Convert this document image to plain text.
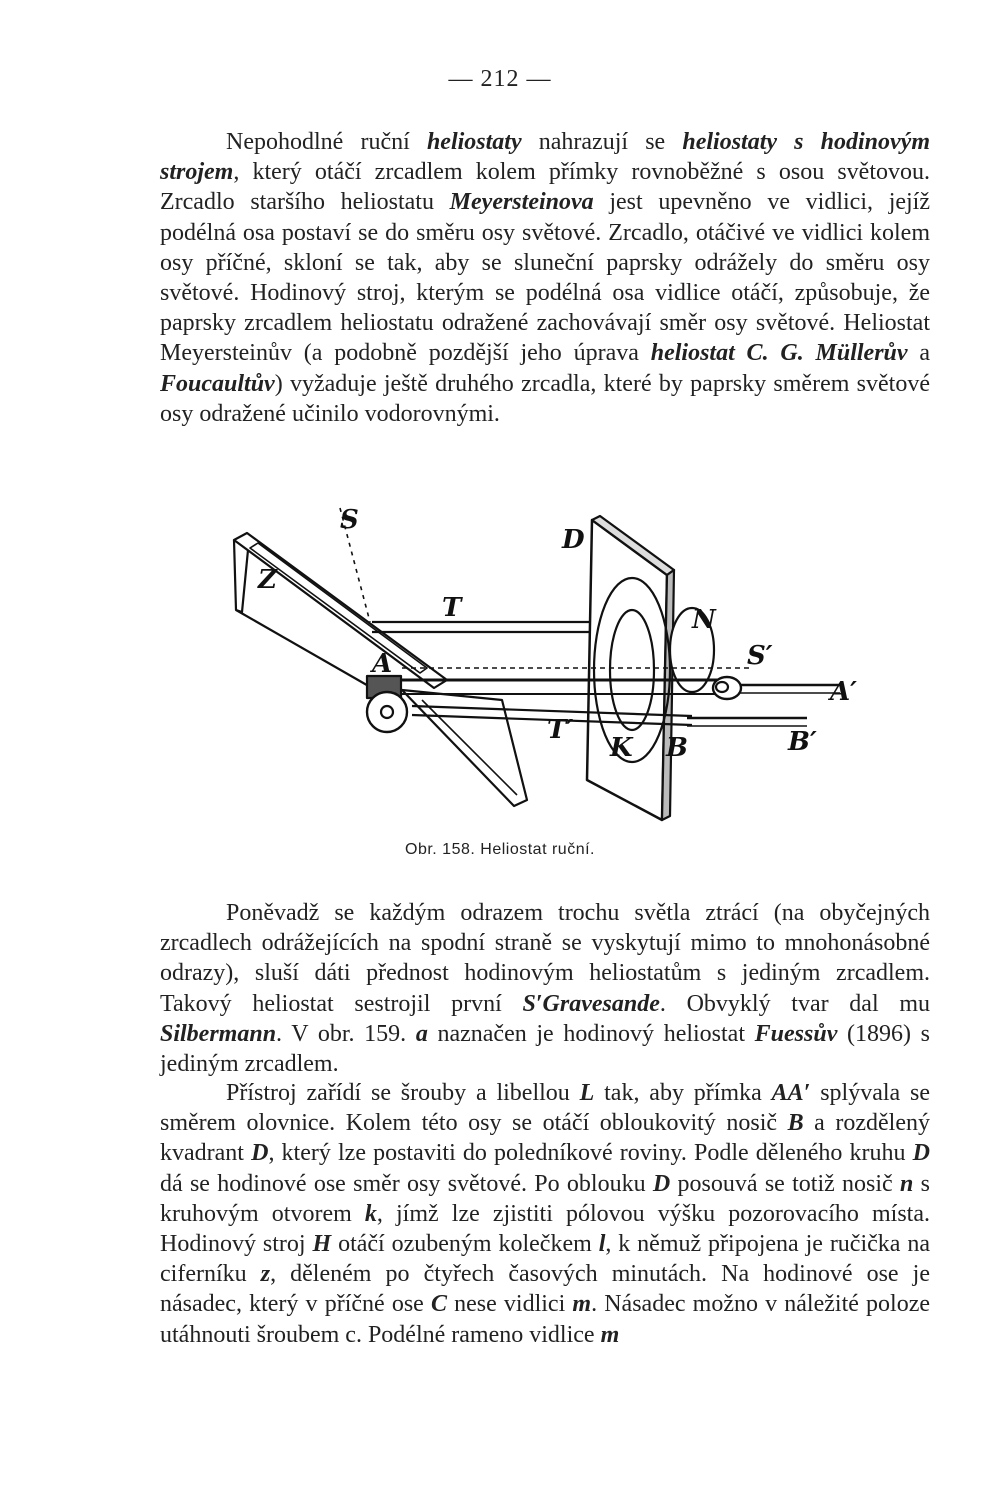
— 212 —

Nepohodlné ruční heliostaty nahrazují se heliostaty s hodinovým strojem, který otáčí zrcadlem kolem přímky rovnoběžné s osou světovou. Zrcadlo staršího heliostatu Meyersteinova jest upevněno ve vidlici, jejíž podélná osa postaví se do směru osy světové. Zrcadlo, otáčivé ve vidlici kolem osy příčné, skloní se tak, aby se sluneční paprsky odrážely do směru osy světové. Hodinový stroj, kterým se podélná osa vidlice otáčí, způsobuje, že paprsky zrcadlem heliostatu odražené zachovávají směr osy světové. Heliostat Meyersteinův (a podobně pozdější jeho úprava heliostat C. G. Müllerův a Foucaultův) vyžaduje ještě druhého zrcadla, které by paprsky směrem světové osy odražené učinilo vodorovnými.

S
D
Z
T	N
S′
A
A′
T′
K B	B′
Obr. 158. Heliostat ruční.

Poněvadž se každým odrazem trochu světla ztrácí (na obyčejných zrcadlech odrážejících na spodní straně se vyskytují mimo to mnohonásobné odrazy), sluší dáti přednost hodinovým heliostatům s jediným zrcadlem. Takový heliostat sestrojil první S′Gravesande. Obvyklý tvar dal mu Silbermann. V obr. 159. a naznačen je hodinový heliostat Fuessův (1896) s jediným zrcadlem.

Přístroj zařídí se šrouby a libellou L tak, aby přímka AA′ splývala se směrem olovnice. Kolem této osy se otáčí obloukovitý nosič B a rozdělený kvadrant D, který lze postaviti do poledníkové roviny. Podle děleného kruhu D dá se hodinové ose směr osy světové. Po oblouku D posouvá se totiž nosič n s kruhovým otvorem k, jímž lze zjistiti pólovou výšku pozorovacího místa. Hodinový stroj H otáčí ozubeným kolečkem l, k němuž připojena je ručička na ciferníku z, děleném po čtyřech časových minutách. Na hodinové ose je násadec, který v příčné ose C nese vidlici m. Násadec možno v náležité poloze utáhnouti šroubem c. Podélné rameno vidlice m
